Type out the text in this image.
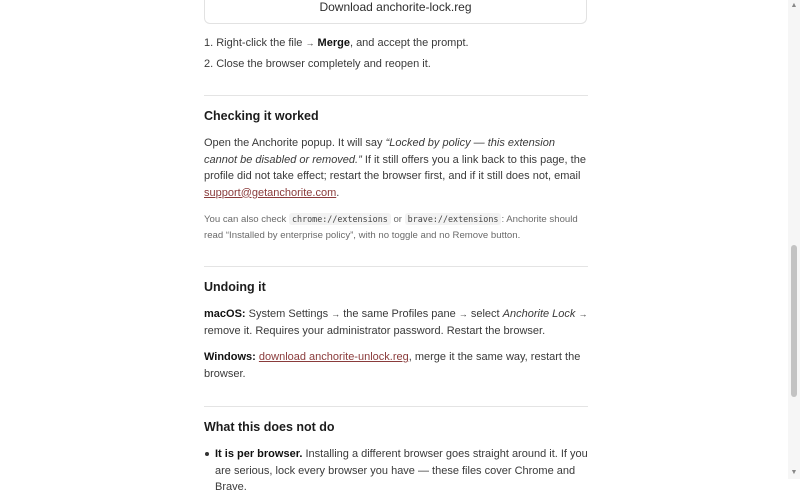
Download anchorite-lock.reg
1. Right-click the file → Merge, and accept the prompt.
2. Close the browser completely and reopen it.
Checking it worked

Open the Anchorite popup. It will say “Locked by policy — this extension cannot be disabled or removed.” If it still offers you a link back to this page, the profile did not take effect; restart the browser first, and if it still does not, email support@getanchorite.com.

You can also check chrome://extensions or brave://extensions : Anchorite should read “Installed by enterprise policy”, with no toggle and no Remove button.

Undoing it

macOS: System Settings → the same Profiles pane → select Anchorite Lock → remove it. Requires your administrator password. Restart the browser.

Windows: download anchorite-unlock.reg, merge it the same way, restart the browser.

What this does not do
It is per browser. Installing a different browser goes straight around it. If you are serious, lock every browser you have — these files cover Chrome and Brave.
▲
▼
